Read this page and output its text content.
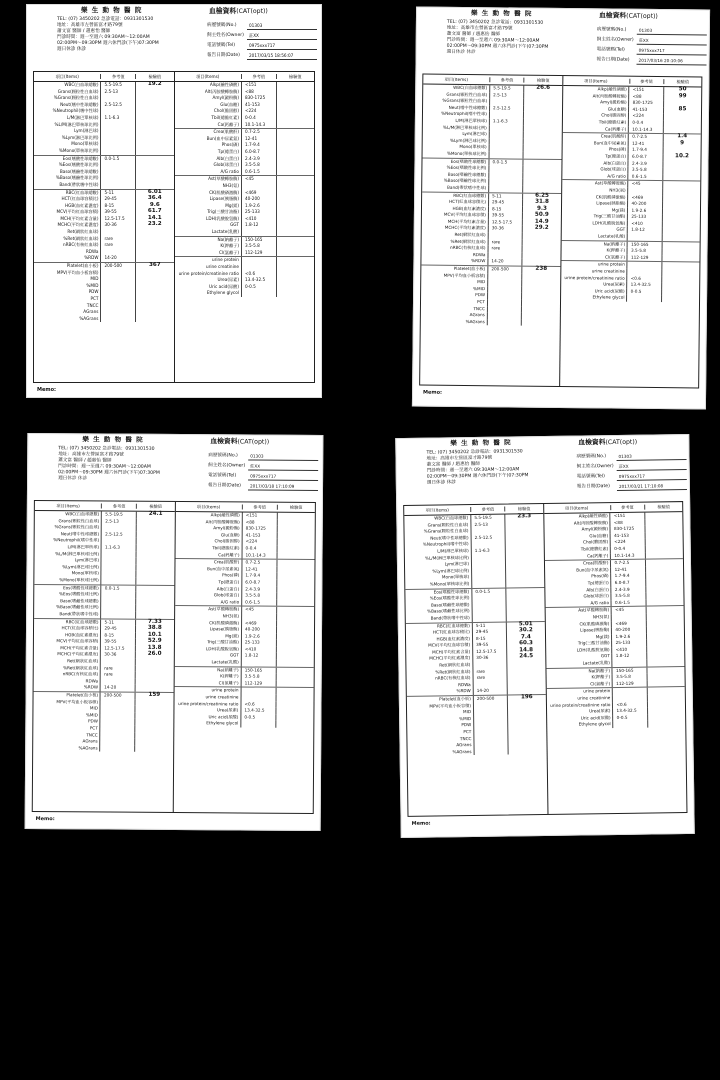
樂 生 動 物 醫 院
TEL: (07) 3450202 急診電話：0931301530
地址：高雄市左營區富才路79號
蕭文富 醫師 / 趙惠怡 醫師
門診時間：週一至週六 09:30AM～12:00AM
02:00PM～09:30PM 週六休門診(下午)07:30PM
週日休診 休診
血檢資料(CAT(opt))
病歷號碼(No.)	01303
飼主姓名(Owner)	莊XX
電話號碼(Tel)	0975xxx717
報告日期(Date)	2017/03/15 18:56:07
項目(Items)	參考值	檢驗值
WBC(白血球總數)	5.5-19.5	19.2
Grans(顆粒性白血球)	2.5-13
%Grans(顆粒性白血球)
Neut(嗜中性球總數)	2.5-12.5
%Neutrophil(嗜中性球)
L/M(淋巴單核球)	1.1-6.3
%L/M(淋巴單核球比例)
Lym(淋巴球)
%Lym(淋巴球比例)
Mono(單核球)
%Mono(單核球比例)
Eos(嗜酸性球總數)	0.0-1.5
%Eos(嗜酸性球比例)
Baso(嗜鹼性球總數)
%Baso(嗜鹼性球比例)
Band(帶狀嗜中性球)
RBC(紅血球總數)	5-11	6.01
HCT(紅血球容積比)	29-45	36.4
HGB(血紅素濃度)	8-15	9.6
MCV(平均紅血球容積)	39-55	61.7
MCH(平均紅素含量)	12.5-17.5	14.1
MCHC(平均紅素濃度)	30-36	23.2
Ret(網狀紅血球)
%Ret(網狀紅血球)	rare
nRBC(有核紅血球)	rare
RDWa
%RDW	14-20
Platelet(血小板)	200-500	367
MPV(平均血小板容積)
MID
%MID
PDW
PCT
TNCC
AGrans
%AGrans
項目(Items)	參考值	檢驗值
Alkp(鹼性磷酸)	<151
Alt(丙胺酸轉胺酶)	<88
Amyl(澱粉酶)	830-1725
Glu(血糖)	41-153
Chol(膽固醇)	<224
Tbil(總膽紅素)	0-0.4
Ca(鈣離子)	10.1-14.3
Crea(肌酸酐)	0.7-2.5
Bun(血中尿素氮)	12-41
Phos(磷)	1.7-9.4
Tp(總蛋白)	6.0-8.7
Alb(白蛋白)	2.4-3.9
Glob(球蛋白)	3.5-5.8
A/G ratio	0.6-1.5
Ast(草酸轉胺酶)	<45
NH3(氨)
CK(肌酸磷激酶)	<469
Lipase(胰脂酶)	40-200
Mg(鎂)	1.9-2.6
Trig(三酸甘油酯)	25-133
LDH(乳酸脫氫酶)	<410
GGT	1.8-12
Lactate(乳酸)
Na(鈉離子)	150-165
K(鉀離子)	3.5-5.8
Cl(氯離子)	112-129
urine protein
urine creatinine
urine protein/creatinine ratio	<0.6
Urea(尿素)	13.4-32.5
Uric acid(尿酸)	0-0.5
Ethylene glycol
Memo:
樂 生 動 物 醫 院
TEL: (07) 3450202 急診電話：0931301530
地址：高雄市左營區富才路79號
蕭文富 醫師 / 趙惠怡 醫師
門診時間：週一至週六 09:30AM～12:00AM
02:00PM～09:30PM 週六休門診(下午)07:30PM
週日休診 休診
血檢資料(CAT(opt))
病歷號碼(No.)	01303
飼主姓名(Owner)	莊XX
電話號碼(Tel)	0975xxx717
報告日期(Date)	2017/03/16 20:10:06
項目(Items)	參考值	檢驗值
WBC(白血球總數)	5.5-19.5	26.6
Grans(顆粒性白血球)	2.5-13
%Grans(顆粒性白血球)
Neut(嗜中性球總數)	2.5-12.5
%Neutrophil(嗜中性球)
L/M(淋巴單核球)	1.1-6.3
%L/M(淋巴單核球比例)
Lym(淋巴球)
%Lym(淋巴球比例)
Mono(單核球)
%Mono(單核球比例)
Eos(嗜酸性球總數)	0.0-1.5
%Eos(嗜酸性球比例)
Baso(嗜鹼性球總數)
%Baso(嗜鹼性球比例)
Band(帶狀嗜中性球)
RBC(紅血球總數)	5-11	6.25
HCT(紅血球容積比)	29-45	31.8
HGB(血紅素濃度)	8-15	9.3
MCV(平均紅血球容積)	39-55	50.9
MCH(平均紅素含量)	12.5-17.5	14.9
MCHC(平均紅素濃度)	30-36	29.2
Ret(網狀紅血球)
%Ret(網狀紅血球)	rare
nRBC(有核紅血球)	rare
RDWa
%RDW	14-20
Platelet(血小板)	200-500	238
MPV(平均血小板容積)
MID
%MID
PDW
PCT
TNCC
AGrans
%AGrans
項目(Items)	參考值	檢驗值
Alkp(鹼性磷酸)	<151	50
Alt(丙胺酸轉胺酶)	<88	99
Amyl(澱粉酶)	830-1725
Glu(血糖)	41-153	85
Chol(膽固醇)	<224
Tbil(總膽紅素)	0-0.4
Ca(鈣離子)	10.1-14.3
Crea(肌酸酐)	0.7-2.5	1.4
Bun(血中尿素氮)	12-41	9
Phos(磷)	1.7-9.4
Tp(總蛋白)	6.0-8.7	10.2
Alb(白蛋白)	2.4-3.9
Glob(球蛋白)	3.5-5.8
A/G ratio	0.6-1.5
Ast(草酸轉胺酶)	<45
NH3(氨)
CK(肌酸磷激酶)	<469
Lipase(胰脂酶)	40-200
Mg(鎂)	1.9-2.6
Trig(三酸甘油酯)	25-133
LDH(乳酸脫氫酶)	<410
GGT	1.8-12
Lactate(乳酸)
Na(鈉離子)	150-165
K(鉀離子)	3.5-5.8
Cl(氯離子)	112-129
urine protein
urine creatinine
urine protein/creatinine ratio	<0.6
Urea(尿素)	13.4-32.5
Uric acid(尿酸)	0-0.5
Ethylene glycol
Memo:
樂 生 動 物 醫 院
TEL: (07) 3450202 急診電話：0931301530
地址：高雄市左營區富才路79號
蕭文富 醫師 / 趙惠怡 醫師
門診時間：週一至週六 09:30AM～12:00AM
02:00PM～09:30PM 週六休門診(下午)07:30PM
週日休診 休診
血檢資料(CAT(opt))
病歷號碼(No.)	01303
飼主姓名(Owner)	莊XX
電話號碼(Tel)	0975xxx717
報告日期(Date)	2017/03/18 17:10:09
項目(Items)	參考值	檢驗值
WBC(白血球總數)	5.5-19.5	24.1
Grans(顆粒性白血球)	2.5-13
%Grans(顆粒性白血球)
Neut(嗜中性球總數)	2.5-12.5
%Neutrophil(嗜中性球)
L/M(淋巴單核球)	1.1-6.3
%L/M(淋巴單核球比例)
Lym(淋巴球)
%Lym(淋巴球比例)
Mono(單核球)
%Mono(單核球比例)
Eos(嗜酸性球總數)	0.0-1.5
%Eos(嗜酸性球比例)
Baso(嗜鹼性球總數)
%Baso(嗜鹼性球比例)
Band(帶狀嗜中性球)
RBC(紅血球總數)	5-11	7.33
HCT(紅血球容積比)	29-45	38.8
HGB(血紅素濃度)	8-15	10.1
MCV(平均紅血球容積)	39-55	52.9
MCH(平均紅素含量)	12.5-17.5	13.8
MCHC(平均紅素濃度)	30-36	26.0
Ret(網狀紅血球)
%Ret(網狀紅血球)	rare
nRBC(有核紅血球)	rare
RDWa
%RDW	14-20
Platelet(血小板)	200-500	159
MPV(平均血小板容積)
MID
%MID
PDW
PCT
TNCC
AGrans
%AGrans
項目(Items)	參考值	檢驗值
Alkp(鹼性磷酸)	<151
Alt(丙胺酸轉胺酶)	<88
Amyl(澱粉酶)	830-1725
Glu(血糖)	41-153
Chol(膽固醇)	<224
Tbil(總膽紅素)	0-0.4
Ca(鈣離子)	10.1-14.3
Crea(肌酸酐)	0.7-2.5
Bun(血中尿素氮)	12-41
Phos(磷)	1.7-9.4
Tp(總蛋白)	6.0-8.7
Alb(白蛋白)	2.4-3.9
Glob(球蛋白)	3.5-5.8
A/G ratio	0.6-1.5
Ast(草酸轉胺酶)	<45
NH3(氨)
CK(肌酸磷激酶)	<469
Lipase(胰脂酶)	40-200
Mg(鎂)	1.9-2.6
Trig(三酸甘油酯)	25-133
LDH(乳酸脫氫酶)	<410
GGT	1.8-12
Lactate(乳酸)
Na(鈉離子)	150-165
K(鉀離子)	3.5-5.8
Cl(氯離子)	112-129
urine protein
urine creatinine
urine protein/creatinine ratio	<0.6
Urea(尿素)	13.4-32.5
Uric acid(尿酸)	0-0.5
Ethylene glycol
Memo:
樂 生 動 物 醫 院
TEL: (07) 3450202 急診電話：0931301530
地址：高雄市左營區富才路79號
蕭文富 醫師 / 趙惠怡 醫師
門診時間：週一至週六 09:30AM～12:00AM
02:00PM～09:30PM 週六休門診(下午)07:30PM
週日休診 休診
血檢資料(CAT(opt))
病歷號碼(No.)	01303
飼主姓名(Owner)	莊XX
電話號碼(Tel)	0975xxx717
報告日期(Date)	2017/03/21 17:10:08
項目(Items)	參考值	檢驗值
WBC(白血球總數)	5.5-19.5	23.3
Grans(顆粒性白血球)	2.5-13
%Grans(顆粒性白血球)
Neut(嗜中性球總數)	2.5-12.5
%Neutrophil(嗜中性球)
L/M(淋巴單核球)	1.1-6.3
%L/M(淋巴單核球比例)
Lym(淋巴球)
%Lym(淋巴球比例)
Mono(單核球)
%Mono(單核球比例)
Eos(嗜酸性球總數)	0.0-1.5
%Eos(嗜酸性球比例)
Baso(嗜鹼性球總數)
%Baso(嗜鹼性球比例)
Band(帶狀嗜中性球)
RBC(紅血球總數)	5-11	5.01
HCT(紅血球容積比)	29-45	30.2
HGB(血紅素濃度)	8-15	7.4
MCV(平均紅血球容積)	39-55	60.3
MCH(平均紅素含量)	12.5-17.5	14.8
MCHC(平均紅素濃度)	30-36	24.5
Ret(網狀紅血球)
%Ret(網狀紅血球)	rare
nRBC(有核紅血球)	rare
RDWa
%RDW	14-20
Platelet(血小板)	200-500	196
MPV(平均血小板容積)
MID
%MID
PDW
PCT
TNCC
AGrans
%AGrans
項目(Items)	參考值	檢驗值
Alkp(鹼性磷酸)	<151
Alt(丙胺酸轉胺酶)	<88
Amyl(澱粉酶)	830-1725
Glu(血糖)	41-153
Chol(膽固醇)	<224
Tbil(總膽紅素)	0-0.4
Ca(鈣離子)	10.1-14.3
Crea(肌酸酐)	0.7-2.5
Bun(血中尿素氮)	12-41
Phos(磷)	1.7-9.4
Tp(總蛋白)	6.0-8.7
Alb(白蛋白)	2.4-3.9
Glob(球蛋白)	3.5-5.8
A/G ratio	0.6-1.5
Ast(草酸轉胺酶)	<45
NH3(氨)
CK(肌酸磷激酶)	<469
Lipase(胰脂酶)	40-200
Mg(鎂)	1.9-2.6
Trig(三酸甘油酯)	25-133
LDH(乳酸脫氫酶)	<410
GGT	1.8-12
Lactate(乳酸)
Na(鈉離子)	150-165
K(鉀離子)	3.5-5.8
Cl(氯離子)	112-129
urine protein
urine creatinine
urine protein/creatinine ratio	<0.6
Urea(尿素)	13.4-32.5
Uric acid(尿酸)	0-0.5
Ethylene glycol
Memo:
